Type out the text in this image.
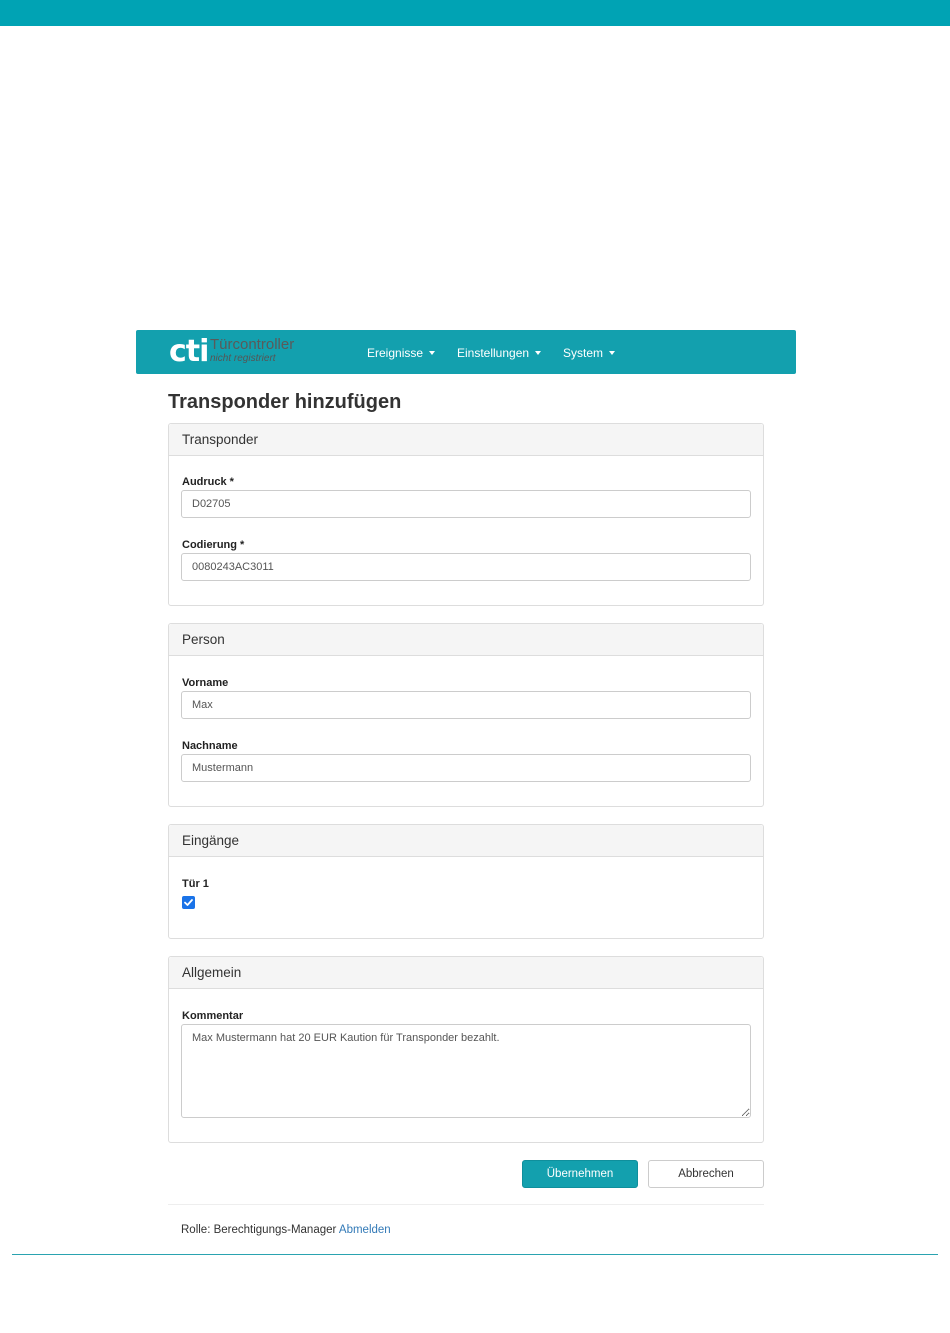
cti Türcontroller
nicht registriert	Ereignisse	Einstellungen	System
Transponder hinzufügen
Transponder
Audruck *
D02705
Codierung *
0080243AC3011
Person
Vorname
Max
Nachname
Mustermann
Eingänge
Tür 1
Allgemein
Kommentar
Max Mustermann hat 20 EUR Kaution für Transponder bezahlt.
Übernehmen	Abbrechen
Rolle: Berechtigungs-Manager Abmelden
